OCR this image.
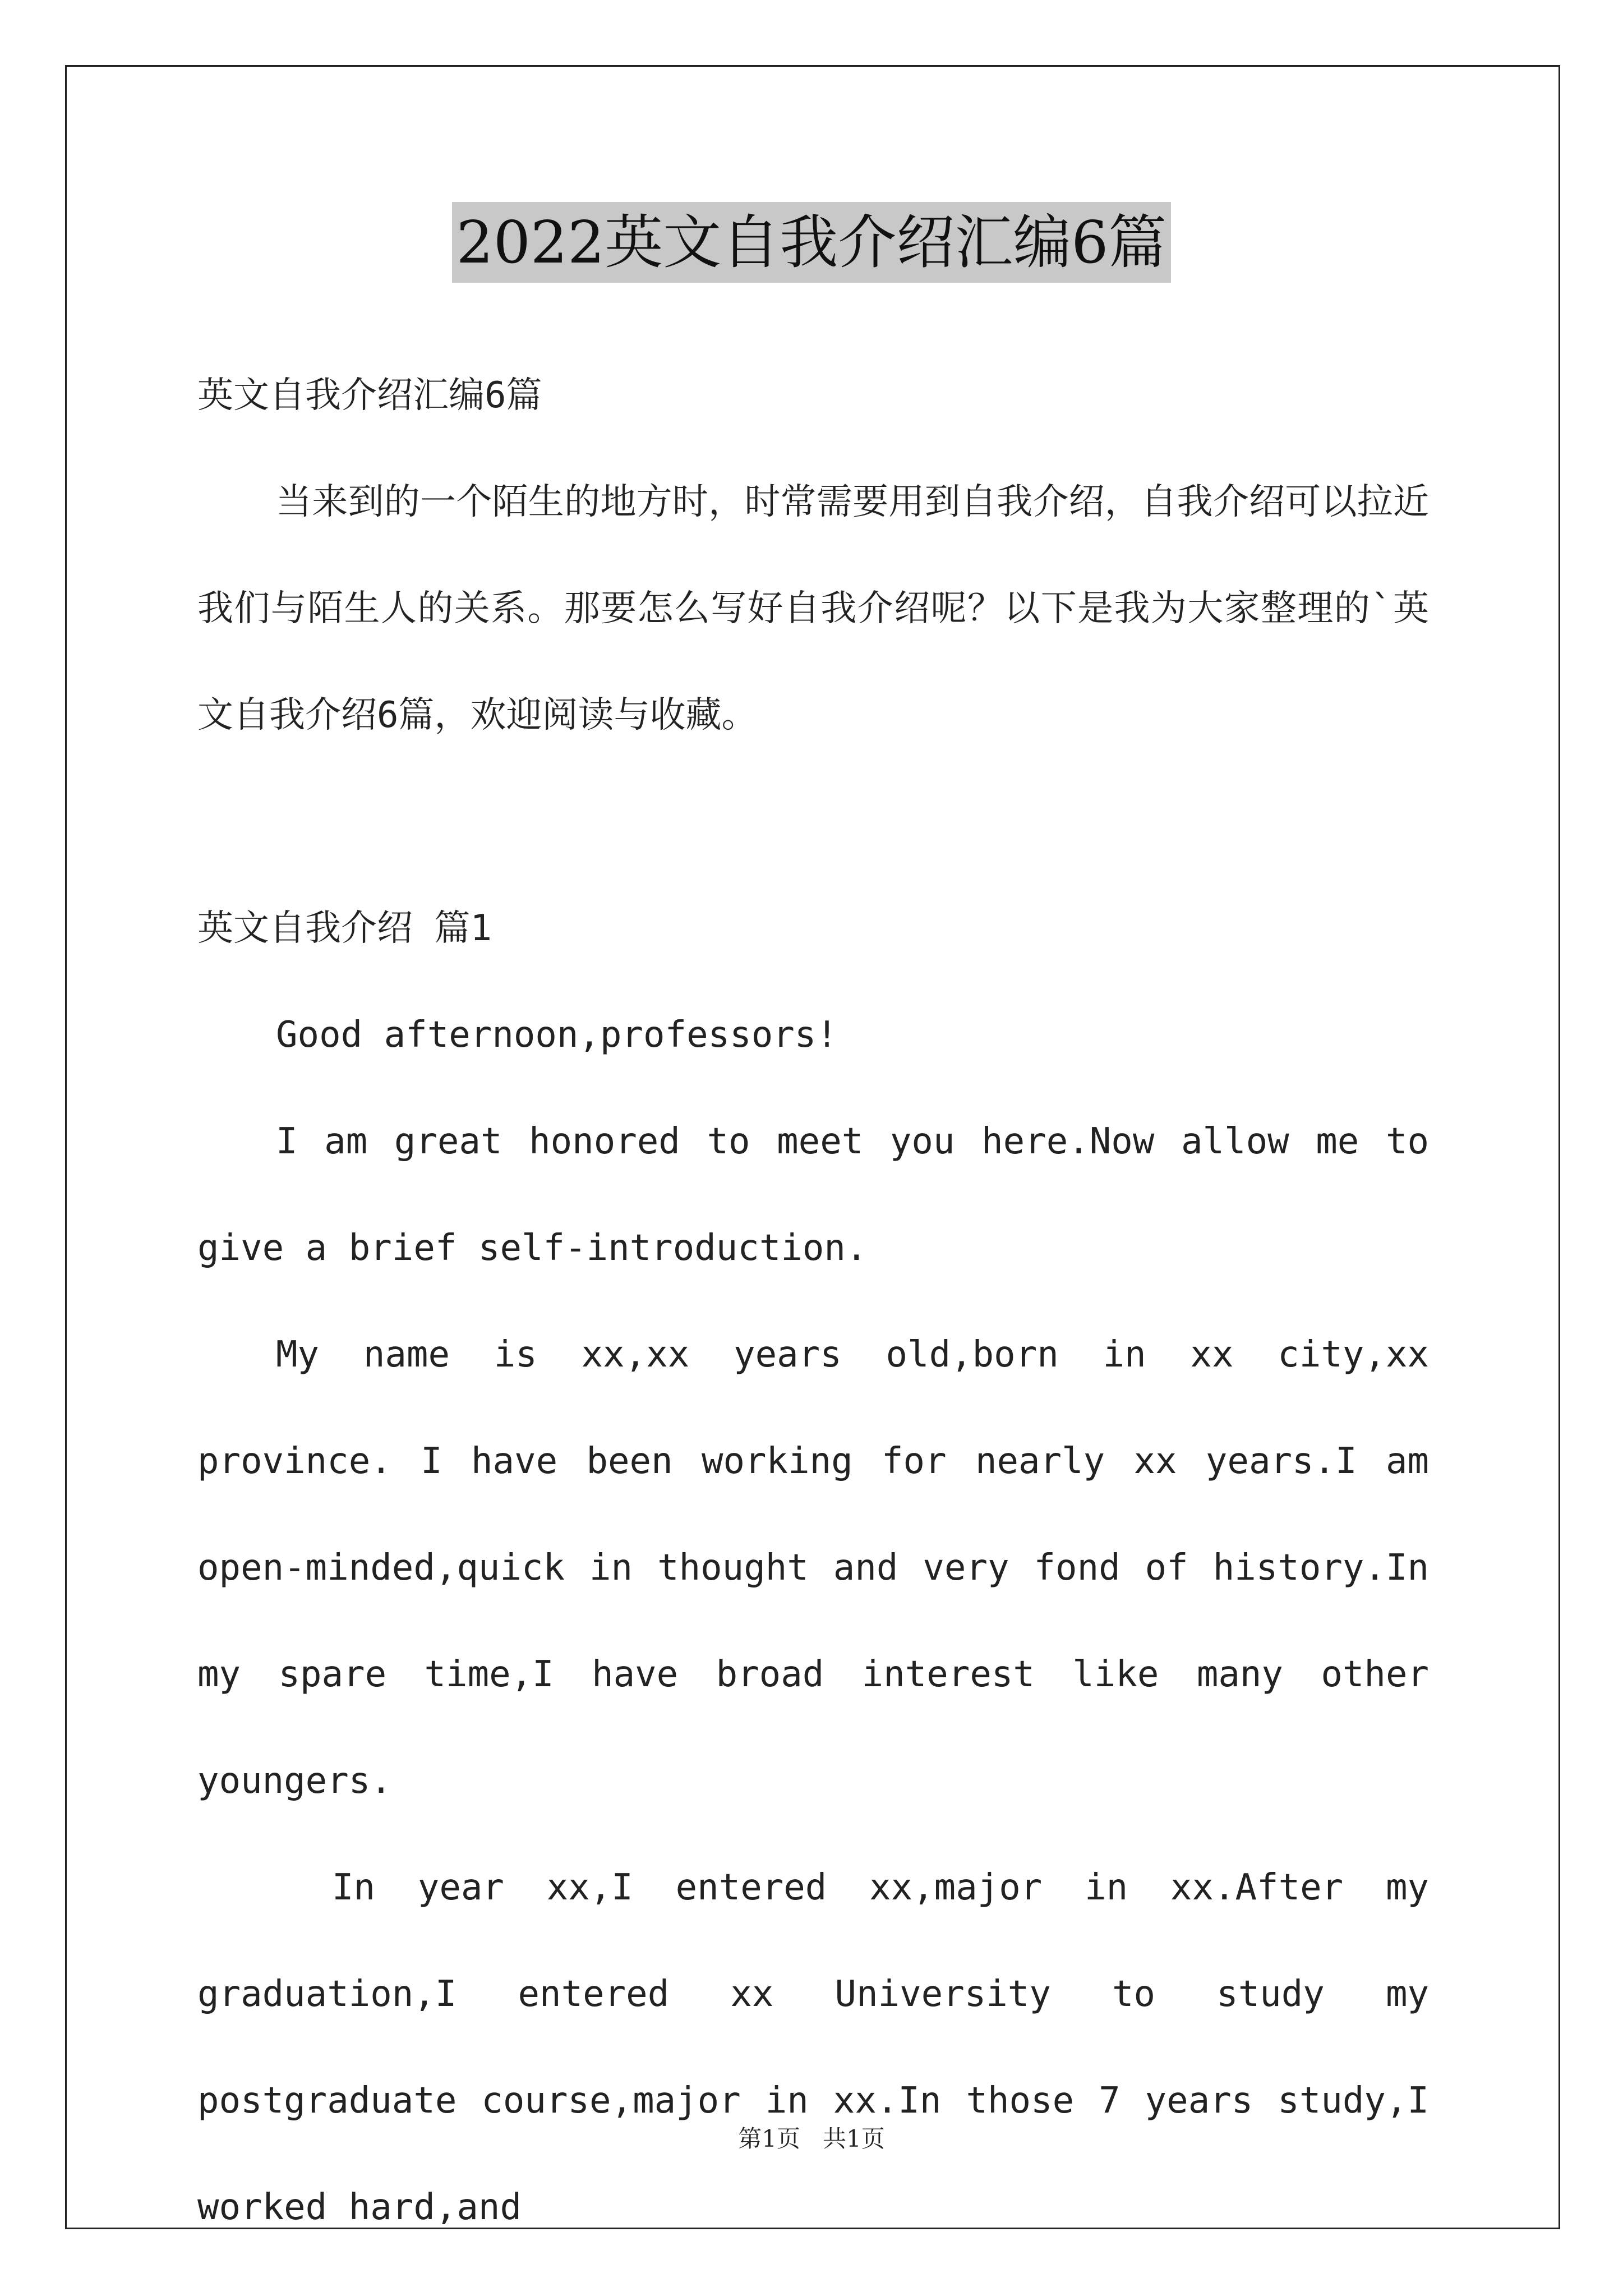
2022英文自我介绍汇编6篇

英文自我介绍汇编6篇

当来到的一个陌生的地方时，时常需要用到自我介绍，自我介绍可以拉近我们与陌生人的关系。那要怎么写好自我介绍呢？以下是我为大家整理的`英文自我介绍6篇，欢迎阅读与收藏。

英文自我介绍 篇1

Good afternoon,professors!

I am great honored to meet you here.Now allow me to give a brief self-introduction.

My name is xx,xx years old,born in xx city,xx province. I have been working for nearly xx years.I am open-minded,quick in thought and very fond of history.In my spare time,I have broad interest like many other youngers.

In year xx,I entered xx,major in xx.After my graduation,I entered xx University to study my postgraduate course,major in xx.In those 7 years study,I worked hard,and

第1页 共1页
